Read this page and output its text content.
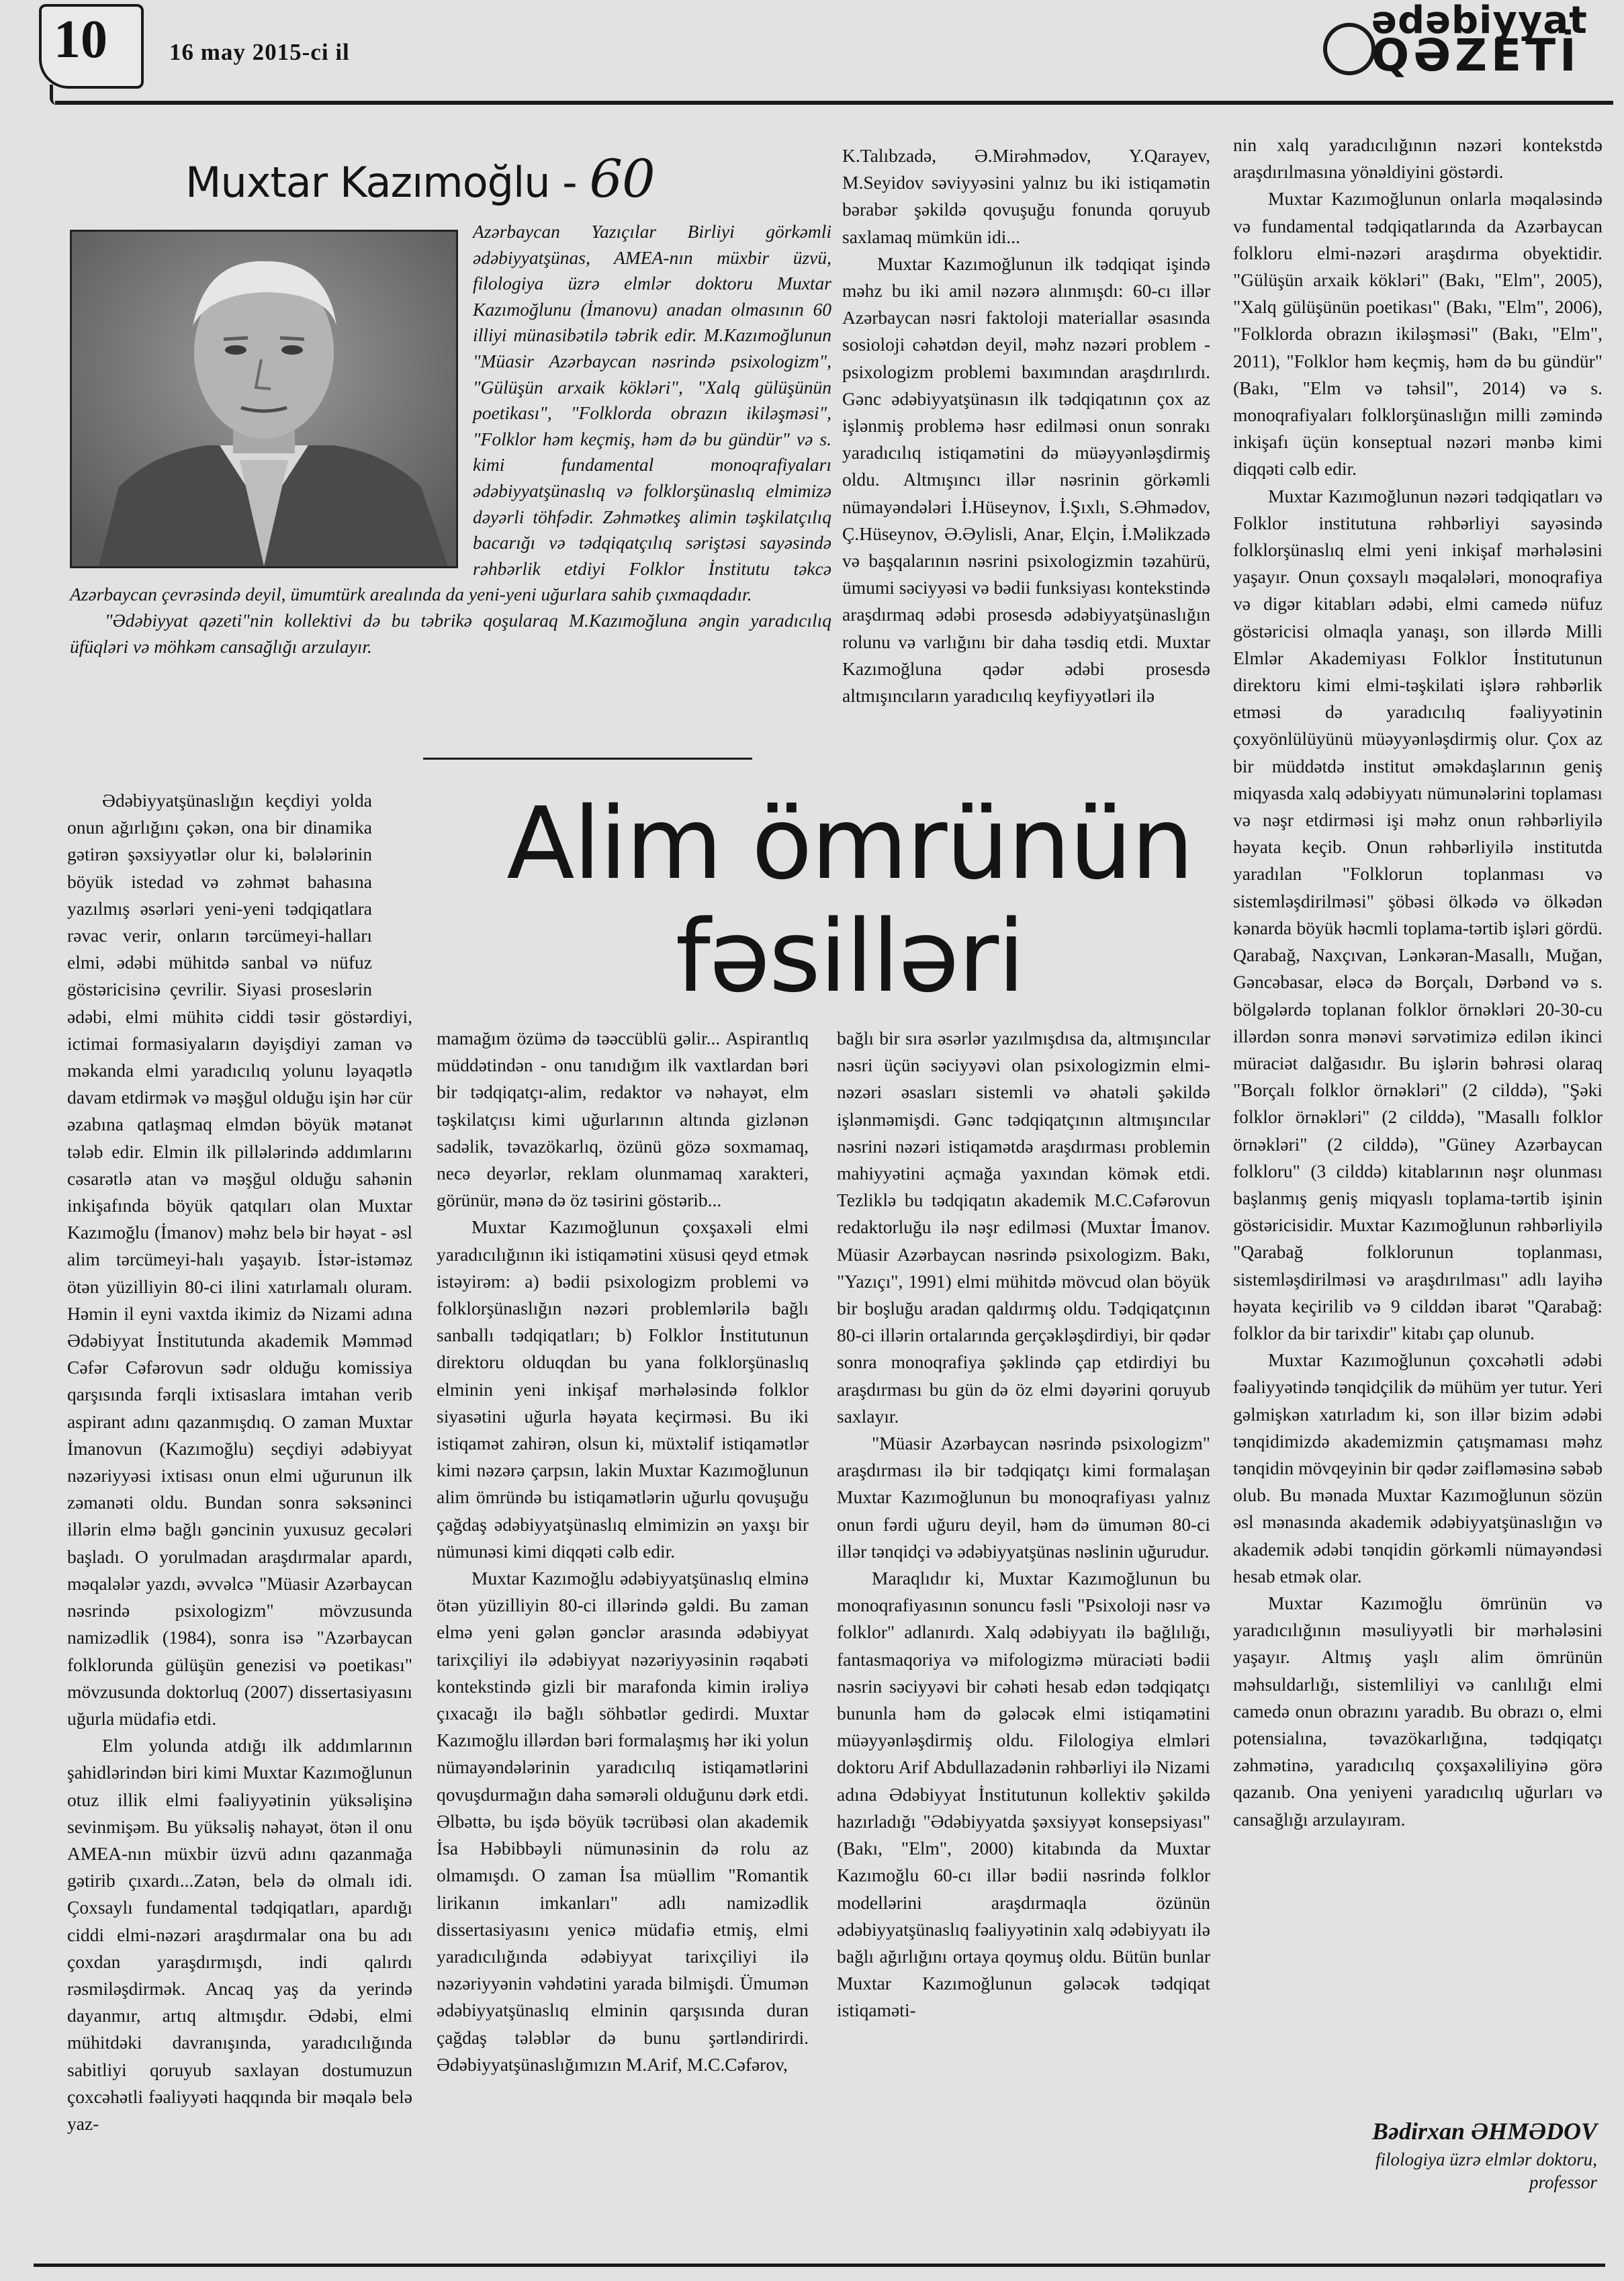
10	16 may 2015-ci il
ədəbiyyat
QƏZETİ
Muxtar Kazımoğlu - 60

Azərbaycan Yazıçılar Birliyi görkəmli ədəbiyyatşünas, AMEA-nın müxbir üzvü, filologiya üzrə elmlər doktoru Muxtar Kazımoğlunu (İmanovu) anadan olmasının 60 illiyi münasibətilə təbrik edir. M.Kazımoğlunun "Müasir Azərbaycan nəsrində psixologizm", "Gülüşün arxaik kökləri", "Xalq gülüşünün poetikası", "Folklorda obrazın ikiləşməsi", "Folklor həm keçmiş, həm də bu gündür" və s. kimi fundamental monoqrafiyaları ədəbiyyatşünaslıq və folklorşünaslıq elmimizə dəyərli töhfədir. Zəhmətkeş alimin təşkilatçılıq bacarığı və tədqiqatçılıq səriştəsi sayəsində rəhbərlik etdiyi Folklor İnstitutu təkcə Azərbaycan çevrəsində deyil, ümumtürk arealında da yeni-yeni uğurlara sahib çıxmaqdadır.

"Ədəbiyyat qəzeti"nin kollektivi də bu təbrikə qoşularaq M.Kazımoğluna əngin yaradıcılıq üfüqləri və möhkəm cansağlığı arzulayır.

Alim ömrünün
fəsilləri

Ədəbiyyatşünaslığın keçdiyi yolda onun ağırlığını çəkən, ona bir dinamika gətirən şəxsiyyətlər olur ki, bələlərinin böyük istedad və zəhmət bahasına yazılmış əsərləri yeni-yeni tədqiqatlara rəvac verir, onların tərcümeyi-halları elmi, ədəbi mühitdə sanbal və nüfuz göstəricisinə çevrilir. Siyasi proseslərin ədəbi, elmi mühitə ciddi təsir göstərdiyi, ictimai formasiyaların dəyişdiyi zaman və məkanda elmi yaradıcılıq yolunu ləyaqətlə davam etdirmək və məşğul olduğu işin hər cür əzabına qatlaşmaq elmdən böyük mətanət tələb edir. Elmin ilk pillələrində addımlarını cəsarətlə atan və məşğul olduğu sahənin inkişafında böyük qatqıları olan Muxtar Kazımoğlu (İmanov) məhz belə bir həyat - əsl alim tərcümeyi-halı yaşayıb. İstər-istəməz ötən yüzilliyin 80-ci ilini xatırlamalı oluram. Həmin il eyni vaxtda ikimiz də Nizami adına Ədəbiyyat İnstitutunda akademik Məmməd Cəfər Cəfərovun sədr olduğu komissiya qarşısında fərqli ixtisaslara imtahan verib aspirant adını qazanmışdıq. O zaman Muxtar İmanovun (Kazımoğlu) seçdiyi ədəbiyyat nəzəriyyəsi ixtisası onun elmi uğurunun ilk zəmanəti oldu. Bundan sonra səksəninci illərin elmə bağlı gəncinin yuxusuz gecələri başladı. O yorulmadan araşdırmalar apardı, məqalələr yazdı, əvvəlcə "Müasir Azərbaycan nəsrində psixologizm" mövzusunda namizədlik (1984), sonra isə "Azərbaycan folklorunda gülüşün genezisi və poetikası" mövzusunda doktorluq (2007) dissertasiyasını uğurla müdafiə etdi.

Elm yolunda atdığı ilk addımlarının şahidlərindən biri kimi Muxtar Kazımoğlunun otuz illik elmi fəaliyyətinin yüksəlişinə sevinmişəm. Bu yüksəliş nəhayət, ötən il onu AMEA-nın müxbir üzvü adını qazanmağa gətirib çıxardı...Zatən, belə də olmalı idi. Çoxsaylı fundamental tədqiqatları, apardığı ciddi elmi-nəzəri araşdırmalar ona bu adı çoxdan yaraşdırmışdı, indi qalırdı rəsmiləşdirmək. Ancaq yaş da yerində dayanmır, artıq altmışdır. Ədəbi, elmi mühitdəki davranışında, yaradıcılığında sabitliyi qoruyub saxlayan dostumuzun çoxcəhətli fəaliyyəti haqqında bir məqalə belə yaz-

mamağım özümə də təəccüblü gəlir... Aspirantlıq müddətindən - onu tanıdığım ilk vaxtlardan bəri bir tədqiqatçı-alim, redaktor və nəhayət, elm təşkilatçısı kimi uğurlarının altında gizlənən sadəlik, təvazökarlıq, özünü gözə soxmamaq, necə deyərlər, reklam olunmamaq xarakteri, görünür, mənə də öz təsirini göstərib...

Muxtar Kazımoğlunun çoxşaxəli elmi yaradıcılığının iki istiqamətini xüsusi qeyd etmək istəyirəm: a) bədii psixologizm problemi və folklorşünaslığın nəzəri problemlərilə bağlı sanballı tədqiqatları; b) Folklor İnstitutunun direktoru olduqdan bu yana folklorşünaslıq elminin yeni inkişaf mərhələsində folklor siyasətini uğurla həyata keçirməsi. Bu iki istiqamət zahirən, olsun ki, müxtəlif istiqamətlər kimi nəzərə çarpsın, lakin Muxtar Kazımoğlunun alim ömründə bu istiqamətlərin uğurlu qovuşuğu çağdaş ədəbiyyatşünaslıq elmimizin ən yaxşı bir nümunəsi kimi diqqəti cəlb edir.

Muxtar Kazımoğlu ədəbiyyatşünaslıq elminə ötən yüzilliyin 80-ci illərində gəldi. Bu zaman elmə yeni gələn gənclər arasında ədəbiyyat tarixçiliyi ilə ədəbiyyat nəzəriyyəsinin rəqabəti kontekstində gizli bir marafonda kimin irəliyə çıxacağı ilə bağlı söhbətlər gedirdi. Muxtar Kazımoğlu illərdən bəri formalaşmış hər iki yolun nümayəndələrinin yaradıcılıq istiqamətlərini qovuşdurmağın daha səmərəli olduğunu dərk etdi. Əlbəttə, bu işdə böyük təcrübəsi olan akademik İsa Həbibbəyli nümunəsinin də rolu az olmamışdı. O zaman İsa müəllim "Romantik lirikanın imkanları" adlı namizədlik dissertasiyasını yenicə müdafiə etmiş, elmi yaradıcılığında ədəbiyyat tarixçiliyi ilə nəzəriyyənin vəhdətini yarada bilmişdi. Ümumən ədəbiyyatşünaslıq elminin qarşısında duran çağdaş tələblər də bunu şərtləndirirdi. Ədəbiyyatşünaslığımızın M.Arif, M.C.Cəfərov,

K.Talıbzadə, Ə.Mirəhmədov, Y.Qarayev, M.Seyidov səviyyəsini yalnız bu iki istiqamətin bərabər şəkildə qovuşuğu fonunda qoruyub saxlamaq mümkün idi...

Muxtar Kazımoğlunun ilk tədqiqat işində məhz bu iki amil nəzərə alınmışdı: 60-cı illər Azərbaycan nəsri faktoloji materiallar əsasında sosioloji cəhətdən deyil, məhz nəzəri problem - psixologizm problemi baxımından araşdırılırdı. Gənc ədəbiyyatşünasın ilk tədqiqatının çox az işlənmiş problemə həsr edilməsi onun sonrakı yaradıcılıq istiqamətini də müəyyənləşdirmiş oldu. Altmışıncı illər nəsrinin görkəmli nümayəndələri İ.Hüseynov, İ.Şıxlı, S.Əhmədov, Ç.Hüseynov, Ə.Əylisli, Anar, Elçin, İ.Məlikzadə və başqalarının nəsrini psixologizmin təzahürü, ümumi səciyyəsi və bədii funksiyası kontekstində araşdırmaq ədəbi prosesdə ədəbiyyatşünaslığın rolunu və varlığını bir daha təsdiq etdi. Muxtar Kazımoğluna qədər ədəbi prosesdə altmışıncıların yaradıcılıq keyfiyyətləri ilə

bağlı bir sıra əsərlər yazılmışdısa da, altmışıncılar nəsri üçün səciyyəvi olan psixologizmin elmi-nəzəri əsasları sistemli və əhatəli şəkildə işlənməmişdi. Gənc tədqiqatçının altmışıncılar nəsrini nəzəri istiqamətdə araşdırması problemin mahiyyətini açmağa yaxından kömək etdi. Tezliklə bu tədqiqatın akademik M.C.Cəfərovun redaktorluğu ilə nəşr edilməsi (Muxtar İmanov. Müasir Azərbaycan nəsrində psixologizm. Bakı, "Yazıçı", 1991) elmi mühitdə mövcud olan böyük bir boşluğu aradan qaldırmış oldu. Tədqiqatçının 80-ci illərin ortalarında gerçəkləşdirdiyi, bir qədər sonra monoqrafiya şəklində çap etdirdiyi bu araşdırması bu gün də öz elmi dəyərini qoruyub saxlayır.

"Müasir Azərbaycan nəsrində psixologizm" araşdırması ilə bir tədqiqatçı kimi formalaşan Muxtar Kazımoğlunun bu monoqrafiyası yalnız onun fərdi uğuru deyil, həm də ümumən 80-ci illər tənqidçi və ədəbiyyatşünas nəslinin uğurudur.

Maraqlıdır ki, Muxtar Kazımoğlunun bu monoqrafiyasının sonuncu fəsli "Psixoloji nəsr və folklor" adlanırdı. Xalq ədəbiyyatı ilə bağlılığı, fantasmaqoriya və mifologizmə müraciəti bədii nəsrin səciyyəvi bir cəhəti hesab edən tədqiqatçı bununla həm də gələcək elmi istiqamətini müəyyənləşdirmiş oldu. Filologiya elmləri doktoru Arif Abdullazadənin rəhbərliyi ilə Nizami adına Ədəbiyyat İnstitutunun kollektiv şəkildə hazırladığı "Ədəbiyyatda şəxsiyyət konsepsiyası" (Bakı, "Elm", 2000) kitabında da Muxtar Kazımoğlu 60-cı illər bədii nəsrində folklor modellərini araşdırmaqla özünün ədəbiyyatşünaslıq fəaliyyətinin xalq ədəbiyyatı ilə bağlı ağırlığını ortaya qoymuş oldu. Bütün bunlar Muxtar Kazımoğlunun gələcək tədqiqat istiqaməti-

nin xalq yaradıcılığının nəzəri kontekstdə araşdırılmasına yönəldiyini göstərdi.

Muxtar Kazımoğlunun onlarla məqaləsində və fundamental tədqiqatlarında da Azərbaycan folkloru elmi-nəzəri araşdırma obyektidir. "Gülüşün arxaik kökləri" (Bakı, "Elm", 2005), "Xalq gülüşünün poetikası" (Bakı, "Elm", 2006), "Folklorda obrazın ikiləşməsi" (Bakı, "Elm", 2011), "Folklor həm keçmiş, həm də bu gündür" (Bakı, "Elm və təhsil", 2014) və s. monoqrafiyaları folklorşünaslığın milli zəmində inkişafı üçün konseptual nəzəri mənbə kimi diqqəti cəlb edir.

Muxtar Kazımoğlunun nəzəri tədqiqatları və Folklor institutuna rəhbərliyi sayəsində folklorşünaslıq elmi yeni inkişaf mərhələsini yaşayır. Onun çoxsaylı məqalələri, monoqrafiya və digər kitabları ədəbi, elmi camedə nüfuz göstəricisi olmaqla yanaşı, son illərdə Milli Elmlər Akademiyası Folklor İnstitutunun direktoru kimi elmi-təşkilati işlərə rəhbərlik etməsi də yaradıcılıq fəaliyyətinin çoxyönlülüyünü müəyyənləşdirmiş olur. Çox az bir müddətdə institut əməkdaşlarının geniş miqyasda xalq ədəbiyyatı nümunələrini toplaması və nəşr etdirməsi işi məhz onun rəhbərliyilə həyata keçib. Onun rəhbərliyilə institutda yaradılan "Folklorun toplanması və sistemləşdirilməsi" şöbəsi ölkədə və ölkədən kənarda böyük həcmli toplama-tərtib işləri gördü. Qarabağ, Naxçıvan, Lənkəran-Masallı, Muğan, Gəncəbasar, eləcə də Borçalı, Dərbənd və s. bölgələrdə toplanan folklor örnəkləri 20-30-cu illərdən sonra mənəvi sərvətimizə edilən ikinci müraciət dalğasıdır. Bu işlərin bəhrəsi olaraq "Borçalı folklor örnəkləri" (2 cilddə), "Şəki folklor örnəkləri" (2 cilddə), "Masallı folklor örnəkləri" (2 cilddə), "Güney Azərbaycan folkloru" (3 cilddə) kitablarının nəşr olunması başlanmış geniş miqyaslı toplama-tərtib işinin göstəricisidir. Muxtar Kazımoğlunun rəhbərliyilə "Qarabağ folklorunun toplanması, sistemləşdirilməsi və araşdırılması" adlı layihə həyata keçirilib və 9 cilddən ibarət "Qarabağ: folklor da bir tarixdir" kitabı çap olunub.

Muxtar Kazımoğlunun çoxcəhətli ədəbi fəaliyyətində tənqidçilik də mühüm yer tutur. Yeri gəlmişkən xatırladım ki, son illər bizim ədəbi tənqidimizdə akademizmin çatışmaması məhz tənqidin mövqeyinin bir qədər zəifləməsinə səbəb olub. Bu mənada Muxtar Kazımoğlunun sözün əsl mənasında akademik ədəbiyyatşünaslığın və akademik ədəbi tənqidin görkəmli nümayəndəsi hesab etmək olar.

Muxtar Kazımoğlu ömrünün və yaradıcılığının məsuliyyətli bir mərhələsini yaşayır. Altmış yaşlı alim ömrünün məhsuldarlığı, sistemliliyi və canlılığı elmi camedə onun obrazını yaradıb. Bu obrazı o, elmi potensialına, təvazökarlığına, tədqiqatçı zəhmətinə, yaradıcılıq çoxşaxəliliyinə görə qazanıb. Ona yeniyeni yaradıcılıq uğurları və cansağlığı arzulayıram.

Bədirxan ƏHMƏDOV
filologiya üzrə elmlər doktoru,
professor
